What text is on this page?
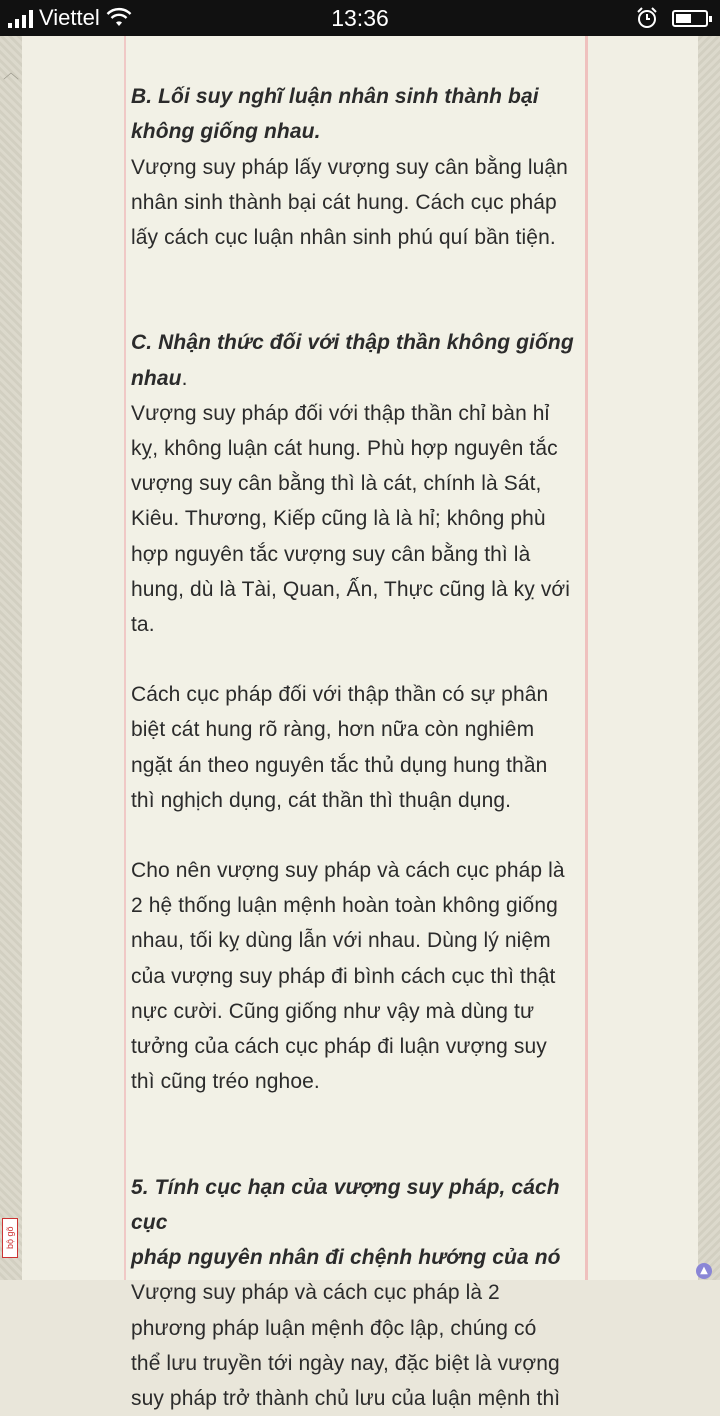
Viettel	13:36
︿

B. Lối suy nghĩ luận nhân sinh thành bại
không giống nhau.
Vượng suy pháp lấy vượng suy cân bằng luận
nhân sinh thành bại cát hung. Cách cục pháp
lấy cách cục luận nhân sinh phú quí bần tiện.

C. Nhận thức đối với thập thần không giống
nhau.
Vượng suy pháp đối với thập thần chỉ bàn hỉ
kỵ, không luận cát hung. Phù hợp nguyên tắc
vượng suy cân bằng thì là cát, chính là Sát,
Kiêu. Thương, Kiếp cũng là là hỉ; không phù
hợp nguyên tắc vượng suy cân bằng thì là
hung, dù là Tài, Quan, Ấn, Thực cũng là kỵ với
ta.

Cách cục pháp đối với thập thần có sự phân
biệt cát hung rõ ràng, hơn nữa còn nghiêm
ngặt án theo nguyên tắc thủ dụng hung thần
thì nghịch dụng, cát thần thì thuận dụng.
Cho nên vượng suy pháp và cách cục pháp là
2 hệ thống luận mệnh hoàn toàn không giống
nhau, tối kỵ dùng lẫn với nhau. Dùng lý niệm
của vượng suy pháp đi bình cách cục thì thật
nực cười. Cũng giống như vậy mà dùng tư
tưởng của cách cục pháp đi luận vượng suy
thì cũng tréo nghoe.

5. Tính cục hạn của vượng suy pháp, cách cục
pháp nguyên nhân đi chệnh hướng của nó
Vượng suy pháp và cách cục pháp là 2
phương pháp luận mệnh độc lập, chúng có
thể lưu truyền tới ngày nay, đặc biệt là vượng
suy pháp trở thành chủ lưu của luận mệnh thì

bộ gõ
▲
